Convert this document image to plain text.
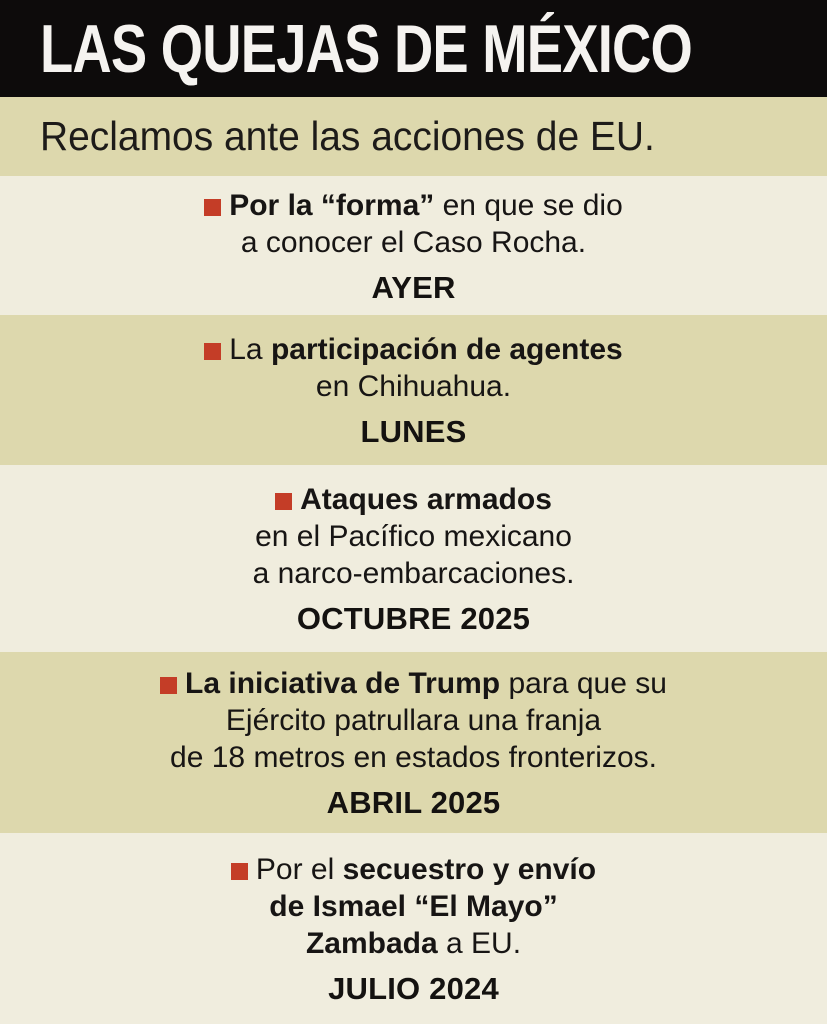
LAS QUEJAS DE MÉXICO
Reclamos ante las acciones de EU.
Por la “forma” en que se dio
a conocer el Caso Rocha.
AYER
La participación de agentes
en Chihuahua.
LUNES
Ataques armados
en el Pacífico mexicano
a narco-embarcaciones.
OCTUBRE 2025
La iniciativa de Trump para que su
Ejército patrullara una franja
de 18 metros en estados fronterizos.
ABRIL 2025
Por el secuestro y envío
de Ismael “El Mayo”
Zambada a EU.
JULIO 2024
